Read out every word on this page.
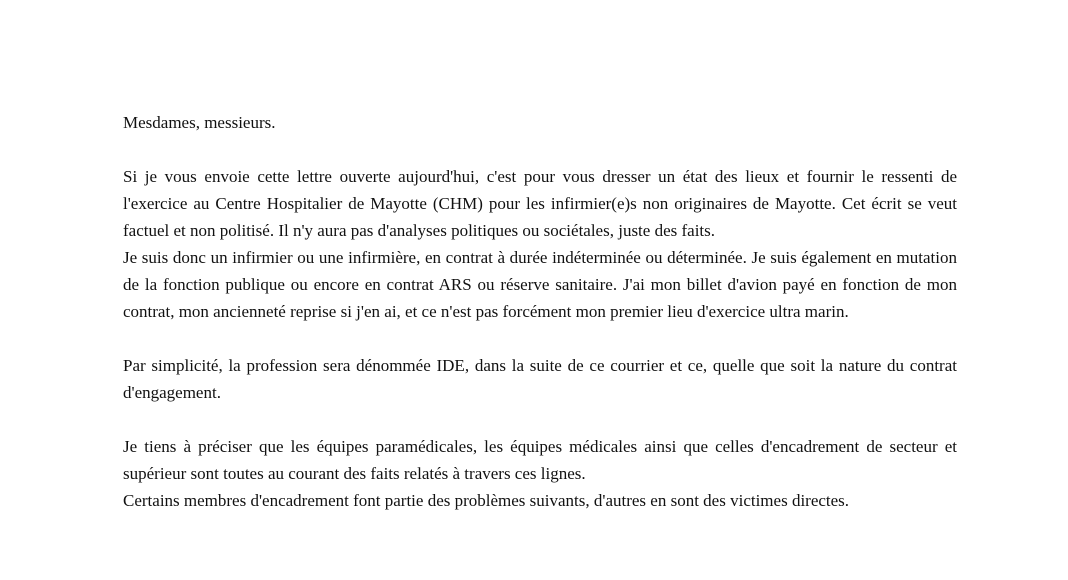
Mesdames, messieurs.

Si je vous envoie cette lettre ouverte aujourd'hui, c'est pour vous dresser un état des lieux et fournir le ressenti de l'exercice au Centre Hospitalier de Mayotte (CHM) pour les infirmier(e)s non originaires de Mayotte. Cet écrit se veut factuel et non politisé. Il n'y aura pas d'analyses politiques ou sociétales, juste des faits.

Je suis donc un infirmier ou une infirmière, en contrat à durée indéterminée ou déterminée. Je suis également en mutation de la fonction publique ou encore en contrat ARS ou réserve sanitaire. J'ai mon billet d'avion payé en fonction de mon contrat, mon ancienneté reprise si j'en ai, et ce n'est pas forcément mon premier lieu d'exercice ultra marin.

Par simplicité, la profession sera dénommée IDE, dans la suite de ce courrier et ce, quelle que soit la nature du contrat d'engagement.

Je tiens à préciser que les équipes paramédicales, les équipes médicales ainsi que celles d'encadrement de secteur et supérieur sont toutes au courant des faits relatés à travers ces lignes.

Certains membres d'encadrement font partie des problèmes suivants, d'autres en sont des victimes directes.
